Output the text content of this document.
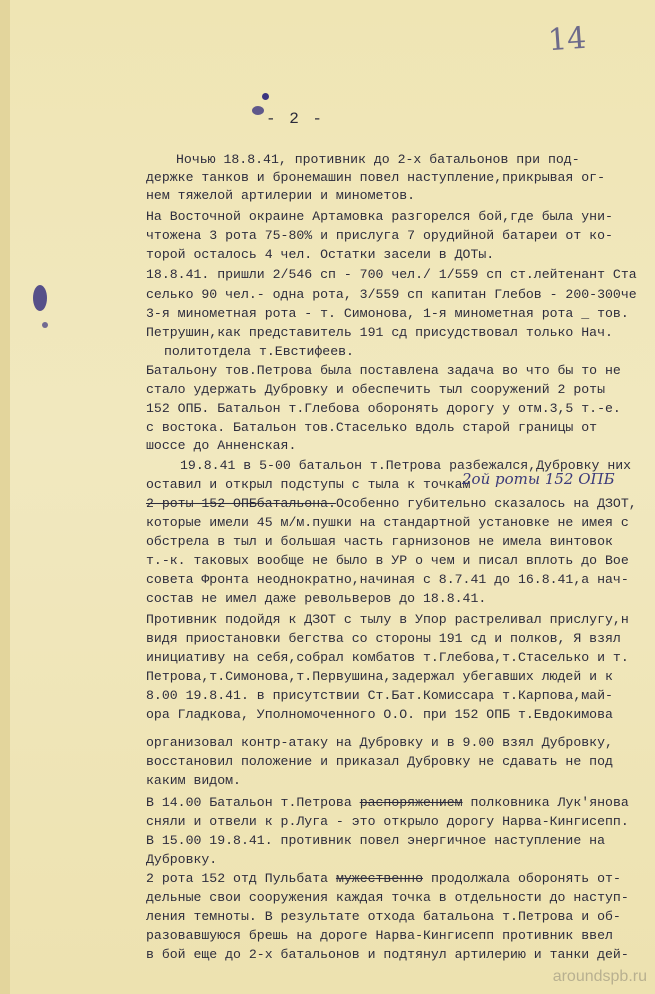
14
- 2 -
Ночью 18.8.41, противник до 2-х батальонов при под-
держке танков и бронемашин повел наступление,прикрывая ог-
нем тяжелой артилерии и минометов.
На Восточной окраине Артамовка разгорелся бой,где была уни-
чтожена 3 рота 75-80% и прислуга 7 орудийной батареи от ко-
торой осталось 4 чел. Остатки засели в ДОТы.
18.8.41. пришли 2/546 сп - 700 чел./ 1/559 сп ст.лейтенант Ста
селько 90 чел.- одна рота, 3/559 сп капитан Глебов - 200-300че
3-я минометная рота - т. Симонова, 1-я минометная рота _ тов.
Петрушин,как представитель 191 сд присудствовал только Нач.
политотдела т.Евстифеев.
Батальону тов.Петрова была поставлена задача во что бы то не
стало удержать Дубровку и обеспечить тыл сооружений 2 роты
152 ОПБ. Батальон т.Глебова оборонять дорогу у отм.3,5 т.-е.
с востока. Батальон тов.Стаселько вдоль старой границы от
шоссе до Анненская.
19.8.41 в 5-00 батальон т.Петрова разбежался,Дубровку них
оставил и открыл подступы с тыла к точкам
2ой роты 152 ОПБ
2 роты 152 ОПБбатальона.Особенно губительно сказалось на ДЗОТ,
которые имели 45 м/м.пушки на стандартной установке не имея с
обстрела в тыл и большая часть гарнизонов не имела винтовок
т.-к. таковых вообще не было в УР о чем и писал вплоть до Вое
совета Фронта неоднократно,начиная с 8.7.41 до 16.8.41,а нач-
состав не имел даже револьверов до 18.8.41.
Противник подойдя к ДЗОТ с тылу в Упор растреливал прислугу,н
видя приостановки бегства со стороны 191 сд и полков, Я взял
инициативу на себя,собрал комбатов т.Глебова,т.Стаселько и т.
Петрова,т.Симонова,т.Первушина,задержал убегавших людей и к
8.00 19.8.41. в присутствии Ст.Бат.Комиссара т.Карпова,май-
ора Гладкова, Уполномоченного О.О. при 152 ОПБ т.Евдокимова
организовал контр-атаку на Дубровку и в 9.00 взял Дубровку,
восстановил положение и приказал Дубровку не сдавать не под
каким видом.
В 14.00 Батальон т.Петрова распоряжением полковника Лук'янова
сняли и отвели к р.Луга - это открыло дорогу Нарва-Кингисепп.
В 15.00 19.8.41. противник повел энергичное наступление на
Дубровку.
2 рота 152 отд Пульбата мужественно продолжала оборонять от-
дельные свои сооружения каждая точка в отдельности до наступ-
ления темноты. В результате отхода батальона т.Петрова и об-
разовавшуюся брешь на дороге Нарва-Кингисепп противник ввел
в бой еще до 2-х батальонов и подтянул артилерию и танки дей-
aroundspb.ru
